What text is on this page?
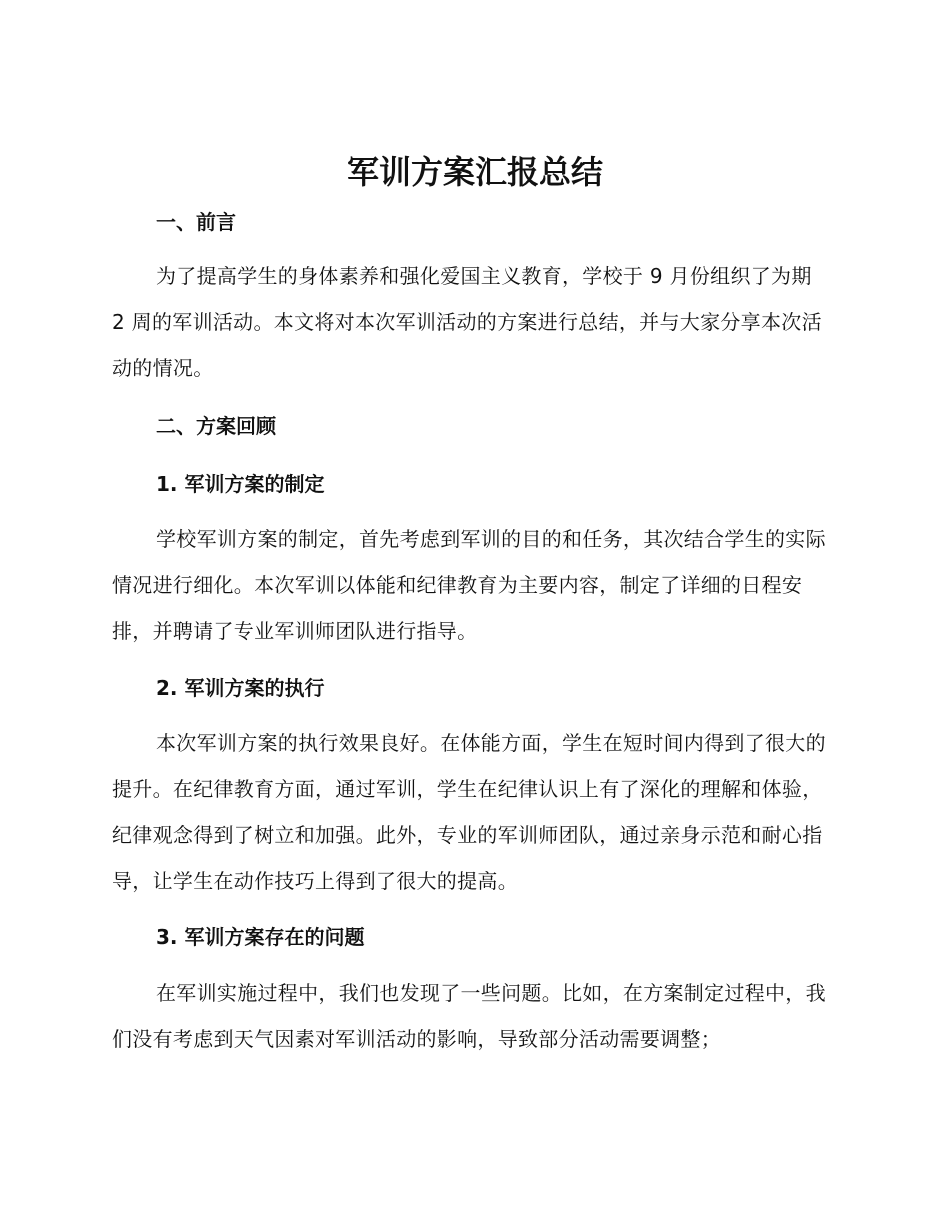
军训方案汇报总结
一、前言

为了提高学生的身体素养和强化爱国主义教育，学校于 9 月份组织了为期 2 周的军训活动。本文将对本次军训活动的方案进行总结，并与大家分享本次活动的情况。

二、方案回顾
1. 军训方案的制定

学校军训方案的制定，首先考虑到军训的目的和任务，其次结合学生的实际情况进行细化。本次军训以体能和纪律教育为主要内容，制定了详细的日程安排，并聘请了专业军训师团队进行指导。

2. 军训方案的执行

本次军训方案的执行效果良好。在体能方面，学生在短时间内得到了很大的提升。在纪律教育方面，通过军训，学生在纪律认识上有了深化的理解和体验，纪律观念得到了树立和加强。此外，专业的军训师团队，通过亲身示范和耐心指导，让学生在动作技巧上得到了很大的提高。

3. 军训方案存在的问题

在军训实施过程中，我们也发现了一些问题。比如，在方案制定过程中，我们没有考虑到天气因素对军训活动的影响，导致部分活动需要调整；
